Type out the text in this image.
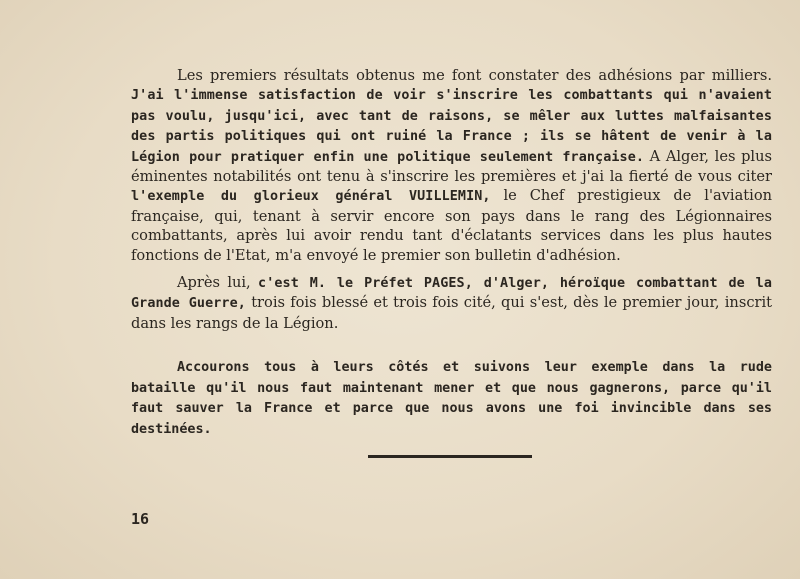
Les premiers résultats obtenus me font constater des adhésions par milliers. J'ai l'immense satisfaction de voir s'inscrire les combattants qui n'avaient pas voulu, jusqu'ici, avec tant de raisons, se mêler aux luttes malfaisantes des partis politiques qui ont ruiné la France ; ils se hâtent de venir à la Légion pour pratiquer enfin une politique seulement française. A Alger, les plus éminentes notabilités ont tenu à s'inscrire les premières et j'ai la fierté de vous citer l'exemple du glorieux général VUILLEMIN, le Chef prestigieux de l'aviation française, qui, tenant à servir encore son pays dans le rang des Légionnaires combattants, après lui avoir rendu tant d'éclatants services dans les plus hautes fonctions de l'Etat, m'a envoyé le premier son bulletin d'adhésion.

Après lui, c'est M. le Préfet PAGES, d'Alger, héroïque combattant de la Grande Guerre, trois fois blessé et trois fois cité, qui s'est, dès le premier jour, inscrit dans les rangs de la Légion.

Accourons tous à leurs côtés et suivons leur exemple dans la rude bataille qu'il nous faut maintenant mener et que nous gagnerons, parce qu'il faut sauver la France et parce que nous avons une foi invincible dans ses destinées.

16
